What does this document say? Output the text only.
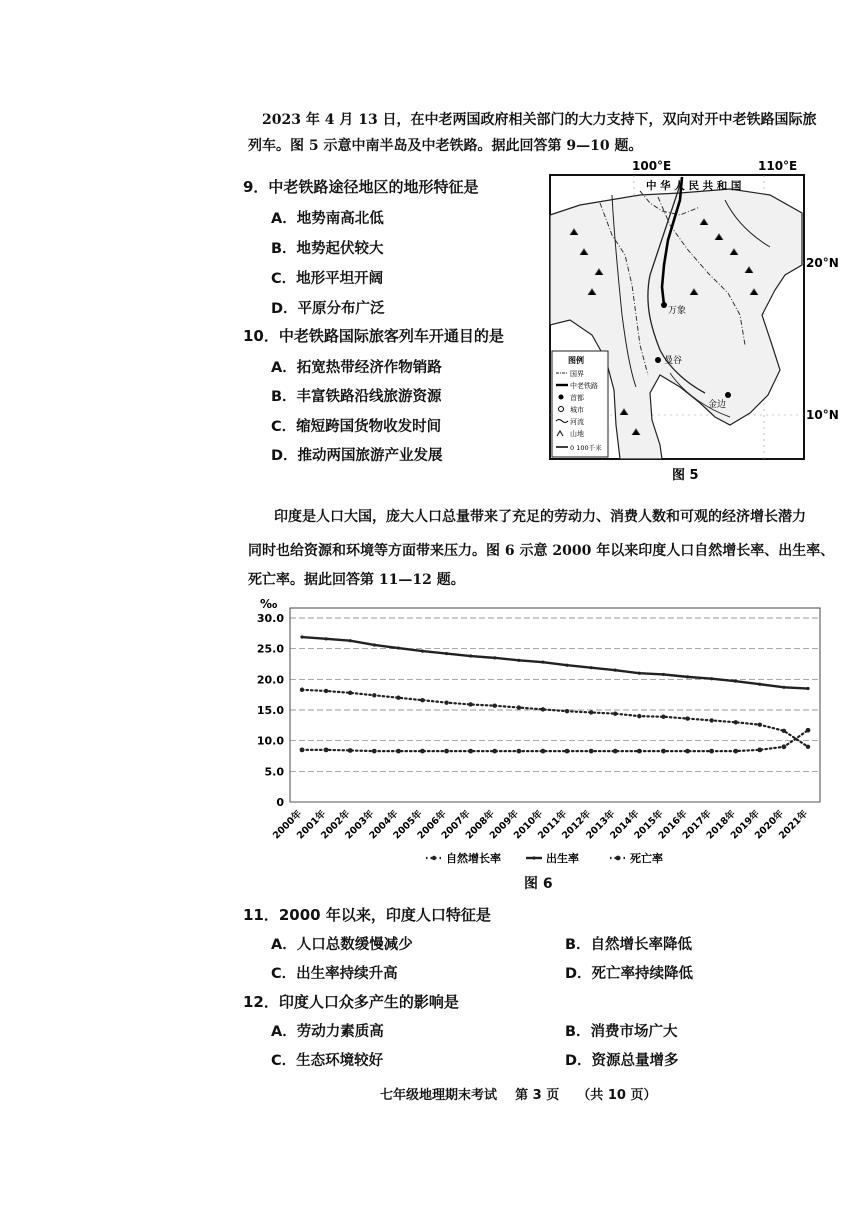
2023 年 4 月 13 日，在中老两国政府相关部门的大力支持下，双向对开中老铁路国际旅
列车。图 5 示意中南半岛及中老铁路。据此回答第 9—10 题。
9．中老铁路途径地区的地形特征是
A．地势南高北低
B．地势起伏较大
C．地形平坦开阔
D．平原分布广泛
10．中老铁路国际旅客列车开通目的是
A．拓宽热带经济作物销路
B．丰富铁路沿线旅游资源
C．缩短跨国货物收发时间
D．推动两国旅游产业发展
100°E	110°E
20°N
10°N
中 华 人 民 共 和 国
万象
曼谷
金边
图例
国界
中老铁路
首都
城市
河流
山地
0 100千米
图 5
印度是人口大国，庞大人口总量带来了充足的劳动力、消费人数和可观的经济增长潜力
同时也给资源和环境等方面带来压力。图 6 示意 2000 年以来印度人口自然增长率、出生率、
死亡率。据此回答第 11—12 题。
‰
0
5.0
10.0
15.0
20.0
25.0
30.0
2000年
2001年
2002年
2003年
2004年
2005年
2006年
2007年
2008年
2009年
2010年
2011年
2012年
2013年
2014年
2015年
2016年
2017年
2018年
2019年
2020年
2021年
自然增长率	出生率	死亡率
图 6
11．2000 年以来，印度人口特征是
A．人口总数缓慢减少	B．自然增长率降低
C．出生率持续升高	D．死亡率持续降低
12．印度人口众多产生的影响是
A．劳动力素质高	B．消费市场广大
C．生态环境较好	D．资源总量增多
七年级地理期末考试    第 3 页    （共 10 页）
